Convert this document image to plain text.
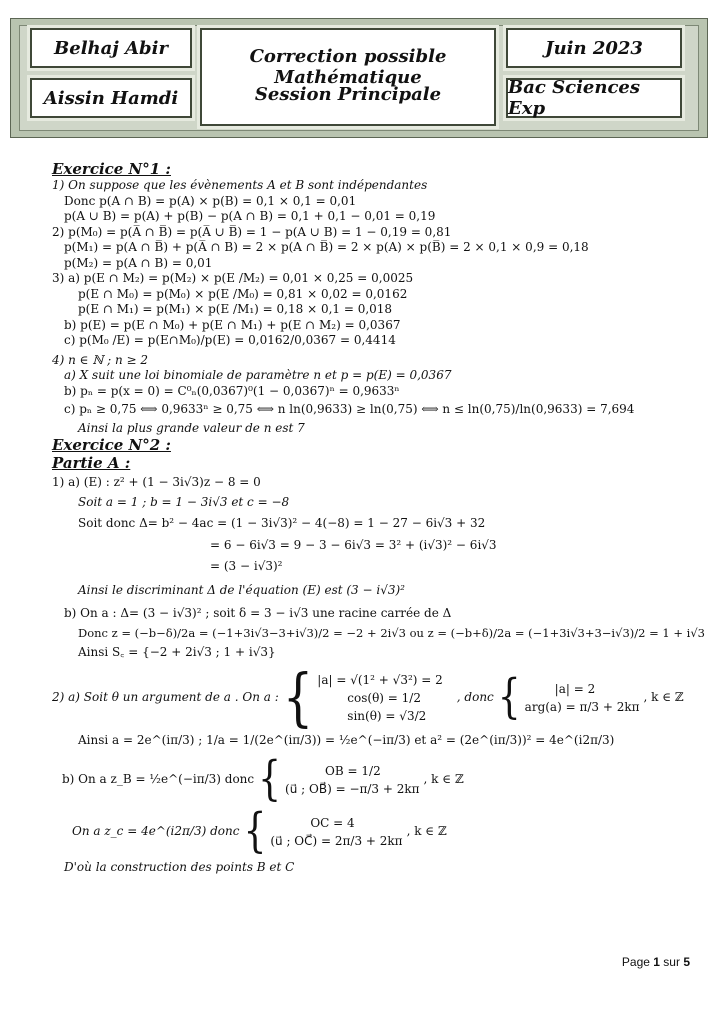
Belhaj Abir
Aissin Hamdi
Correction possible Mathématique
Session Principale
Juin 2023
Bac Sciences Exp
Exercice N°1 :
1) On suppose que les évènements A et B sont indépendantes
Donc p(A ∩ B) = p(A) × p(B) = 0,1 × 0,1 = 0,01
p(A ∪ B) = p(A) + p(B) − p(A ∩ B) = 0,1 + 0,1 − 0,01 = 0,19
2) p(M₀) = p(A̅ ∩ B̅) = p(A̅ ∪ B̅) = 1 − p(A ∪ B) = 1 − 0,19 = 0,81
p(M₁) = p(A ∩ B̅) + p(A̅ ∩ B) = 2 × p(A ∩ B̅) = 2 × p(A) × p(B̅) = 2 × 0,1 × 0,9 = 0,18
p(M₂) = p(A ∩ B) = 0,01
3) a) p(E ∩ M₂) = p(M₂) × p(E /M₂) = 0,01 × 0,25 = 0,0025
p(E ∩ M₀) = p(M₀) × p(E /M₀) = 0,81 × 0,02 = 0,0162
p(E ∩ M₁) = p(M₁) × p(E /M₁) = 0,18 × 0,1 = 0,018
b) p(E) = p(E ∩ M₀) + p(E ∩ M₁) + p(E ∩ M₂) = 0,0367
c) p(M₀ /E) = p(E∩M₀)/p(E) = 0,0162/0,0367 = 0,4414
4) n ∈ ℕ ; n ≥ 2
a) X suit une loi binomiale de paramètre n et p = p(E) = 0,0367
b) pₙ = p(x = 0) = C⁰ₙ(0,0367)⁰(1 − 0,0367)ⁿ = 0,9633ⁿ
c) pₙ ≥ 0,75 ⟺ 0,9633ⁿ ≥ 0,75 ⟺ n ln(0,9633) ≥ ln(0,75) ⟺ n ≤ ln(0,75)/ln(0,9633) = 7,694
Ainsi la plus grande valeur de n est 7
Exercice N°2 :
Partie A :
1) a) (E) : z² + (1 − 3i√3)z − 8 = 0
Soit a = 1 ; b = 1 − 3i√3 et c = −8
Soit donc Δ= b² − 4ac = (1 − 3i√3)² − 4(−8) = 1 − 27 − 6i√3 + 32
= 6 − 6i√3 = 9 − 3 − 6i√3 = 3² + (i√3)² − 6i√3
= (3 − i√3)²
Ainsi le discriminant Δ de l'équation (E) est (3 − i√3)²
b) On a : Δ= (3 − i√3)² ; soit δ = 3 − i√3 une racine carrée de Δ
Donc z = (−b−δ)/2a = (−1+3i√3−3+i√3)/2 = −2 + 2i√3 ou z = (−b+δ)/2a = (−1+3i√3+3−i√3)/2 = 1 + i√3
Ainsi S꜀ = {−2 + 2i√3 ; 1 + i√3}
2) a) Soit θ un argument de a . On a : { |a| = √(1² + √3²) = 2
cos(θ) = 1/2
sin(θ) = √3/2
, donc {	|a| = 2
arg(a) = π/3 + 2kπ
, k ∈ ℤ
Ainsi a = 2e^(iπ/3) ; 1/a = 1/(2e^(iπ/3)) = ½e^(−iπ/3) et a² = (2e^(iπ/3))² = 4e^(i2π/3)
b) On a z_B = ½e^(−iπ/3) donc {	OB = 1/2
(u⃗ ; OB⃗) = −π/3 + 2kπ
, k ∈ ℤ
On a z_c = 4e^(i2π/3) donc {	OC = 4
(u⃗ ; OC⃗) = 2π/3 + 2kπ
, k ∈ ℤ
D'où la construction des points B et C
Page 1 sur 5
